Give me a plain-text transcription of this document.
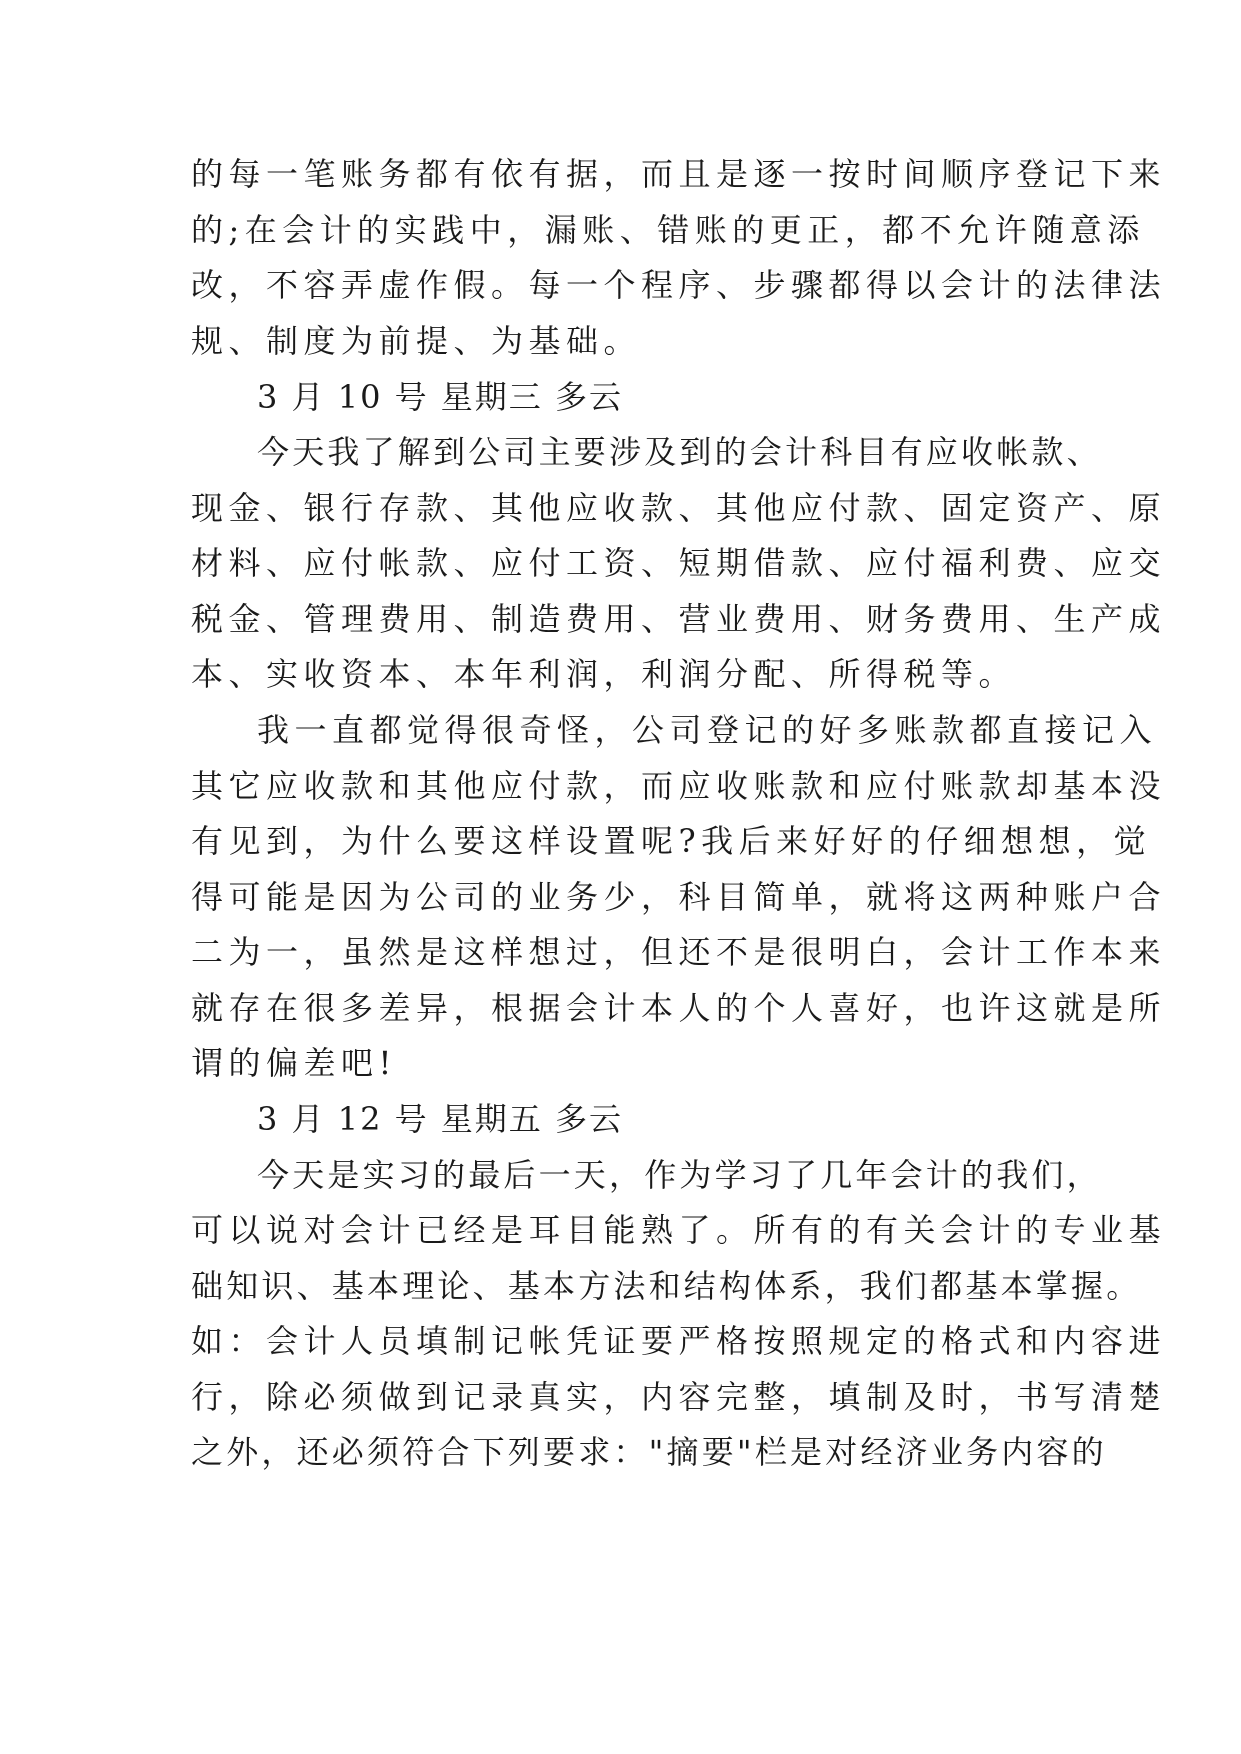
的每一笔账务都有依有据，而且是逐一按时间顺序登记下来
的;在会计的实践中，漏账、错账的更正，都不允许随意添
改，不容弄虚作假。每一个程序、步骤都得以会计的法律法
规、制度为前提、为基础。
3 月 10 号 星期三 多云
今天我了解到公司主要涉及到的会计科目有应收帐款、
现金、银行存款、其他应收款、其他应付款、固定资产、原
材料、应付帐款、应付工资、短期借款、应付福利费、应交
税金、管理费用、制造费用、营业费用、财务费用、生产成
本、实收资本、本年利润，利润分配、所得税等。
我一直都觉得很奇怪，公司登记的好多账款都直接记入
其它应收款和其他应付款，而应收账款和应付账款却基本没
有见到，为什么要这样设置呢?我后来好好的仔细想想，觉
得可能是因为公司的业务少，科目简单，就将这两种账户合
二为一，虽然是这样想过，但还不是很明白，会计工作本来
就存在很多差异，根据会计本人的个人喜好，也许这就是所
谓的偏差吧!
3 月 12 号 星期五 多云
今天是实习的最后一天，作为学习了几年会计的我们，
可以说对会计已经是耳目能熟了。所有的有关会计的专业基
础知识、基本理论、基本方法和结构体系，我们都基本掌握。
如：会计人员填制记帐凭证要严格按照规定的格式和内容进
行，除必须做到记录真实，内容完整，填制及时，书写清楚
之外，还必须符合下列要求："摘要"栏是对经济业务内容的
